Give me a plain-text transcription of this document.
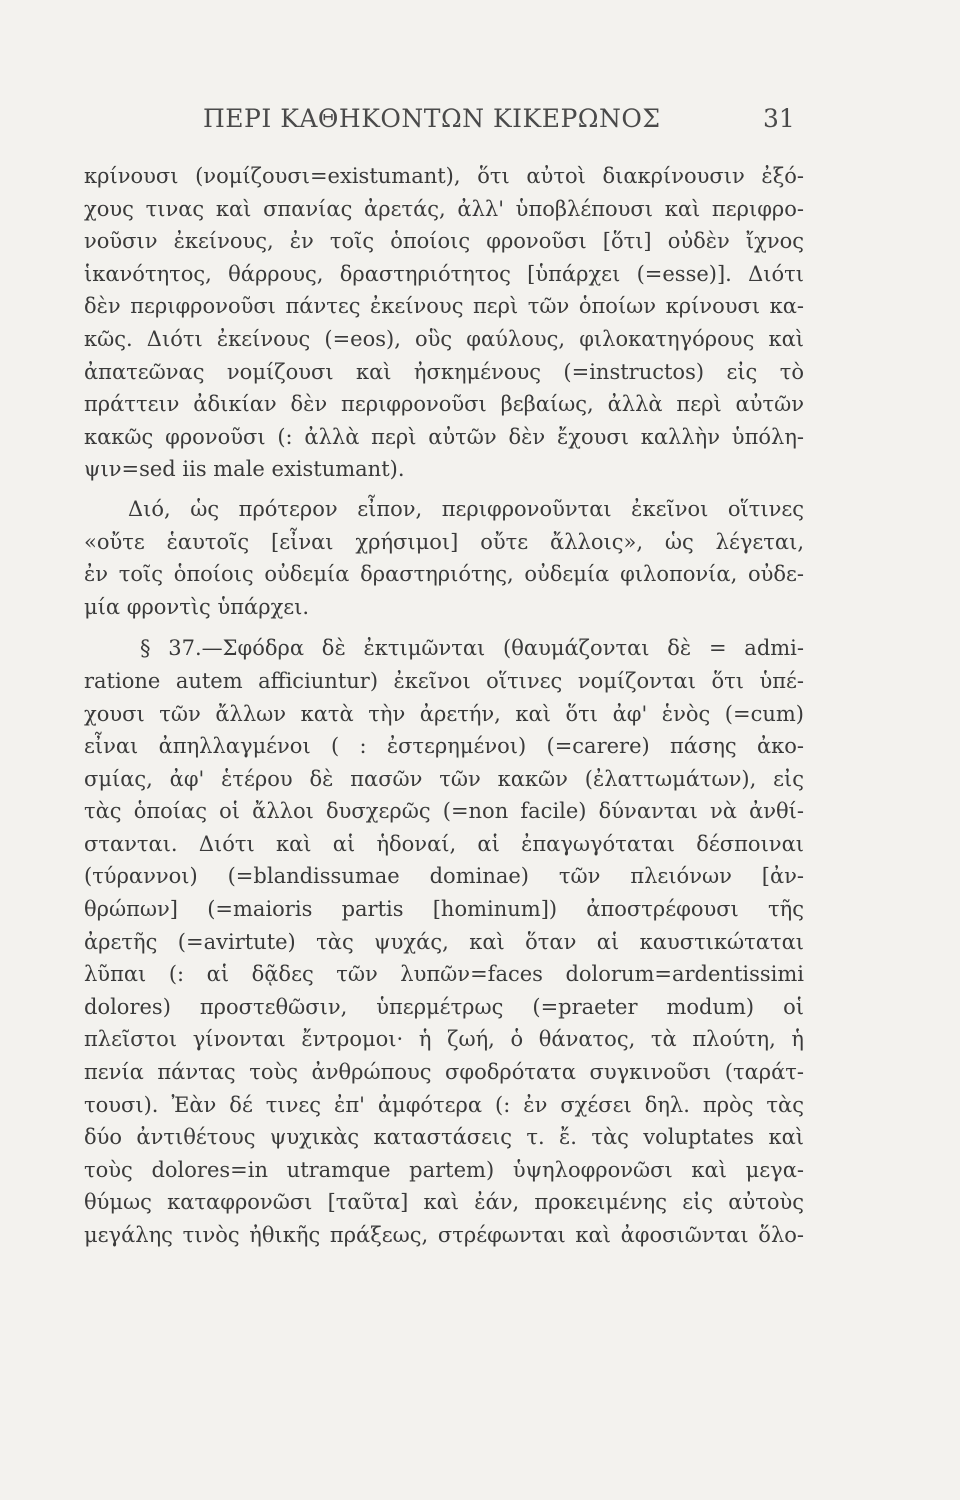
ΠΕΡΙ ΚΑΘΗΚΟΝΤΩΝ ΚΙΚΕΡΩΝΟΣ	31
κρίνουσι (νομίζουσι=existumant), ὅτι αὐτοὶ διακρίνουσιν ἐξό-
χους τινας καὶ σπανίας ἀρετάς, ἀλλ' ὑποβλέπουσι καὶ περιφρο-
νοῦσιν ἐκείνους, ἐν τοῖς ὁποίοις φρονοῦσι [ὅτι] οὐδὲν ἴχνος
ἱκανότητος, θάρρους, δραστηριότητος [ὑπάρχει (=esse)]. Διότι
δὲν περιφρονοῦσι πάντες ἐκείνους περὶ τῶν ὁποίων κρίνουσι κα-
κῶς. Διότι ἐκείνους (=eos), οὓς φαύλους, φιλοκατηγόρους καὶ
ἀπατεῶνας νομίζουσι καὶ ἠσκημένους (=instructos) εἰς τὸ
πράττειν ἀδικίαν δὲν περιφρονοῦσι βεβαίως, ἀλλὰ περὶ αὐτῶν
κακῶς φρονοῦσι (: ἀλλὰ περὶ αὐτῶν δὲν ἔχουσι καλλὴν ὑπόλη-
ψιν=sed iis male existumant).
Διό, ὡς πρότερον εἶπον, περιφρονοῦνται ἐκεῖνοι οἵτινες
«οὔτε ἑαυτοῖς [εἶναι χρήσιμοι] οὔτε ἄλλοις», ὡς λέγεται,
ἐν τοῖς ὁποίοις οὐδεμία δραστηριότης, οὐδεμία φιλοπονία, οὐδε-
μία φροντὶς ὑπάρχει.
§ 37.—Σφόδρα δὲ ἐκτιμῶνται (θαυμάζονται δὲ = admi-
ratione autem afficiuntur) ἐκεῖνοι οἵτινες νομίζονται ὅτι ὑπέ-
χουσι τῶν ἄλλων κατὰ τὴν ἀρετήν, καὶ ὅτι ἀφ' ἑνὸς (=cum)
εἶναι ἀπηλλαγμένοι ( : ἐστερημένοι) (=carere) πάσης ἀκο-
σμίας, ἀφ' ἑτέρου δὲ πασῶν τῶν κακῶν (ἐλαττωμάτων), εἰς
τὰς ὁποίας οἱ ἄλλοι δυσχερῶς (=non facile) δύνανται νὰ ἀνθί-
στανται. Διότι καὶ αἱ ἡδοναί, αἱ ἐπαγωγόταται δέσποιναι
(τύραννοι) (=blandissumae dominae) τῶν πλειόνων [ἀν-
θρώπων] (=maioris partis [hominum]) ἀποστρέφουσι τῆς
ἀρετῆς (=avirtute) τὰς ψυχάς, καὶ ὅταν αἱ καυστικώταται
λῦπαι (: αἱ δᾷδες τῶν λυπῶν=faces dolorum=ardentissimi
dolores) προστεθῶσιν, ὑπερμέτρως (=praeter modum) οἱ
πλεῖστοι γίνονται ἔντρομοι· ἡ ζωή, ὁ θάνατος, τὰ πλούτη, ἡ
πενία πάντας τοὺς ἀνθρώπους σφοδρότατα συγκινοῦσι (ταράτ-
τουσι). Ἐὰν δέ τινες ἐπ' ἀμφότερα (: ἐν σχέσει δηλ. πρὸς τὰς
δύο ἀντιθέτους ψυχικὰς καταστάσεις τ. ἔ. τὰς voluptates καὶ
τοὺς dolores=in utramque partem) ὑψηλοφρονῶσι καὶ μεγα-
θύμως καταφρονῶσι [ταῦτα] καὶ ἐάν, προκειμένης εἰς αὐτοὺς
μεγάλης τινὸς ἠθικῆς πράξεως, στρέφωνται καὶ ἀφοσιῶνται ὅλο-
